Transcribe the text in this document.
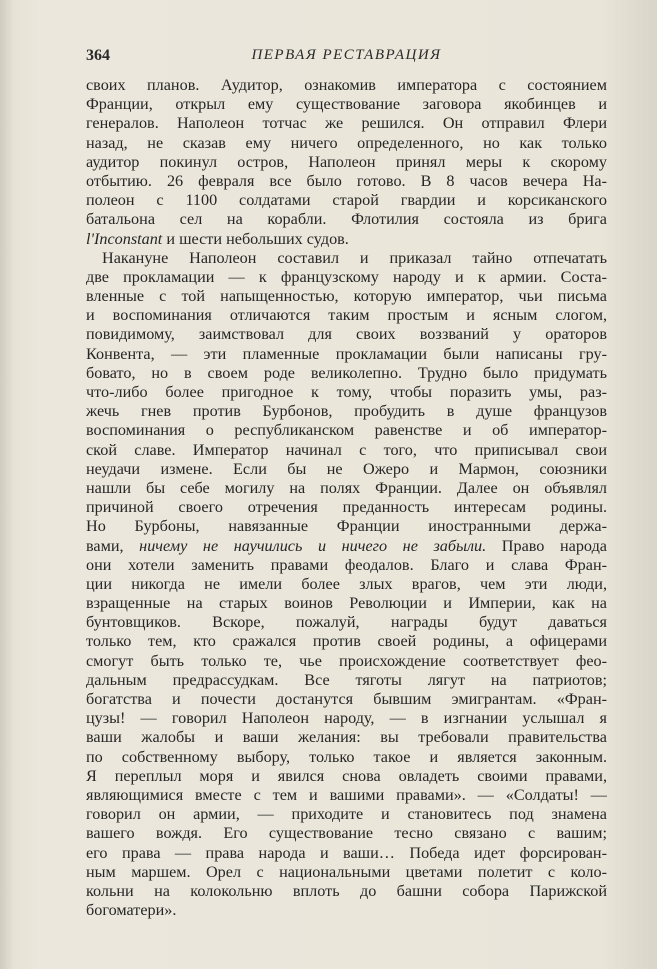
364	ПЕРВАЯ РЕСТАВРАЦИЯ
своих планов. Аудитор, ознакомив императора с состоянием
Франции, открыл ему существование заговора якобинцев и
генералов. Наполеон тотчас же решился. Он отправил Флери
назад, не сказав ему ничего определенного, но как только
аудитор покинул остров, Наполеон принял меры к скорому
отбытию. 26 февраля все было готово. В 8 часов вечера На-
полеон с 1100 солдатами старой гвардии и корсиканского
батальона сел на корабли. Флотилия состояла из брига
l'Inconstant и шести небольших судов.
Накануне Наполеон составил и приказал тайно отпечатать
две прокламации — к французскому народу и к армии. Соста-
вленные с той напыщенностью, которую император, чьи письма
и воспоминания отличаются таким простым и ясным слогом,
повидимому, заимствовал для своих воззваний у ораторов
Конвента, — эти пламенные прокламации были написаны гру-
бовато, но в своем роде великолепно. Трудно было придумать
что-либо более пригодное к тому, чтобы поразить умы, раз-
жечь гнев против Бурбонов, пробудить в душе французов
воспоминания о республиканском равенстве и об император-
ской славе. Император начинал с того, что приписывал свои
неудачи измене. Если бы не Ожеро и Мармон, союзники
нашли бы себе могилу на полях Франции. Далее он объявлял
причиной своего отречения преданность интересам родины.
Но Бурбоны, навязанные Франции иностранными держа-
вами, ничему не научились и ничего не забыли. Право народа
они хотели заменить правами феодалов. Благо и слава Фран-
ции никогда не имели более злых врагов, чем эти люди,
взращенные на старых воинов Революции и Империи, как на
бунтовщиков. Вскоре, пожалуй, награды будут даваться
только тем, кто сражался против своей родины, а офицерами
смогут быть только те, чье происхождение соответствует фео-
дальным предрассудкам. Все тяготы лягут на патриотов;
богатства и почести достанутся бывшим эмигрантам. «Фран-
цузы! — говорил Наполеон народу, — в изгнании услышал я
ваши жалобы и ваши желания: вы требовали правительства
по собственному выбору, только такое и является законным.
Я переплыл моря и явился снова овладеть своими правами,
являющимися вместе с тем и вашими правами». — «Солдаты! —
говорил он армии, — приходите и становитесь под знамена
вашего вождя. Его существование тесно связано с вашим;
его права — права народа и ваши… Победа идет форсирован-
ным маршем. Орел с национальными цветами полетит с коло-
кольни на колокольню вплоть до башни собора Парижской
богоматери».
